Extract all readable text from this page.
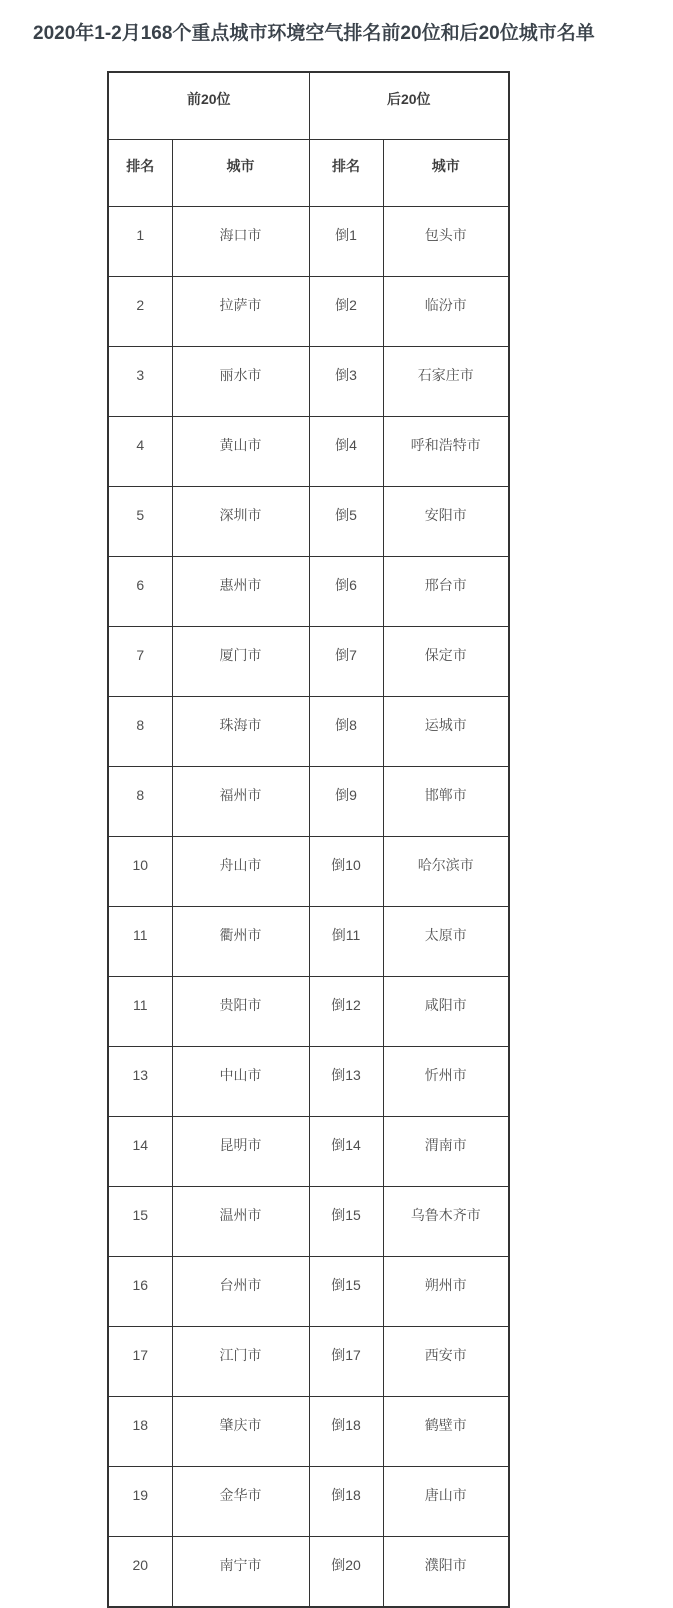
2020年1-2月168个重点城市环境空气排名前20位和后20位城市名单
前20位		后20位	
排名	城市	排名	城市
1	海口市	倒1	包头市
2	拉萨市	倒2	临汾市
3	丽水市	倒3	石家庄市
4	黄山市	倒4	呼和浩特市
5	深圳市	倒5	安阳市
6	惠州市	倒6	邢台市
7	厦门市	倒7	保定市
8	珠海市	倒8	运城市
8	福州市	倒9	邯郸市
10	舟山市	倒10	哈尔滨市
11	衢州市	倒11	太原市
11	贵阳市	倒12	咸阳市
13	中山市	倒13	忻州市
14	昆明市	倒14	渭南市
15	温州市	倒15	乌鲁木齐市
16	台州市	倒15	朔州市
17	江门市	倒17	西安市
18	肇庆市	倒18	鹤壁市
19	金华市	倒18	唐山市
20	南宁市	倒20	濮阳市
